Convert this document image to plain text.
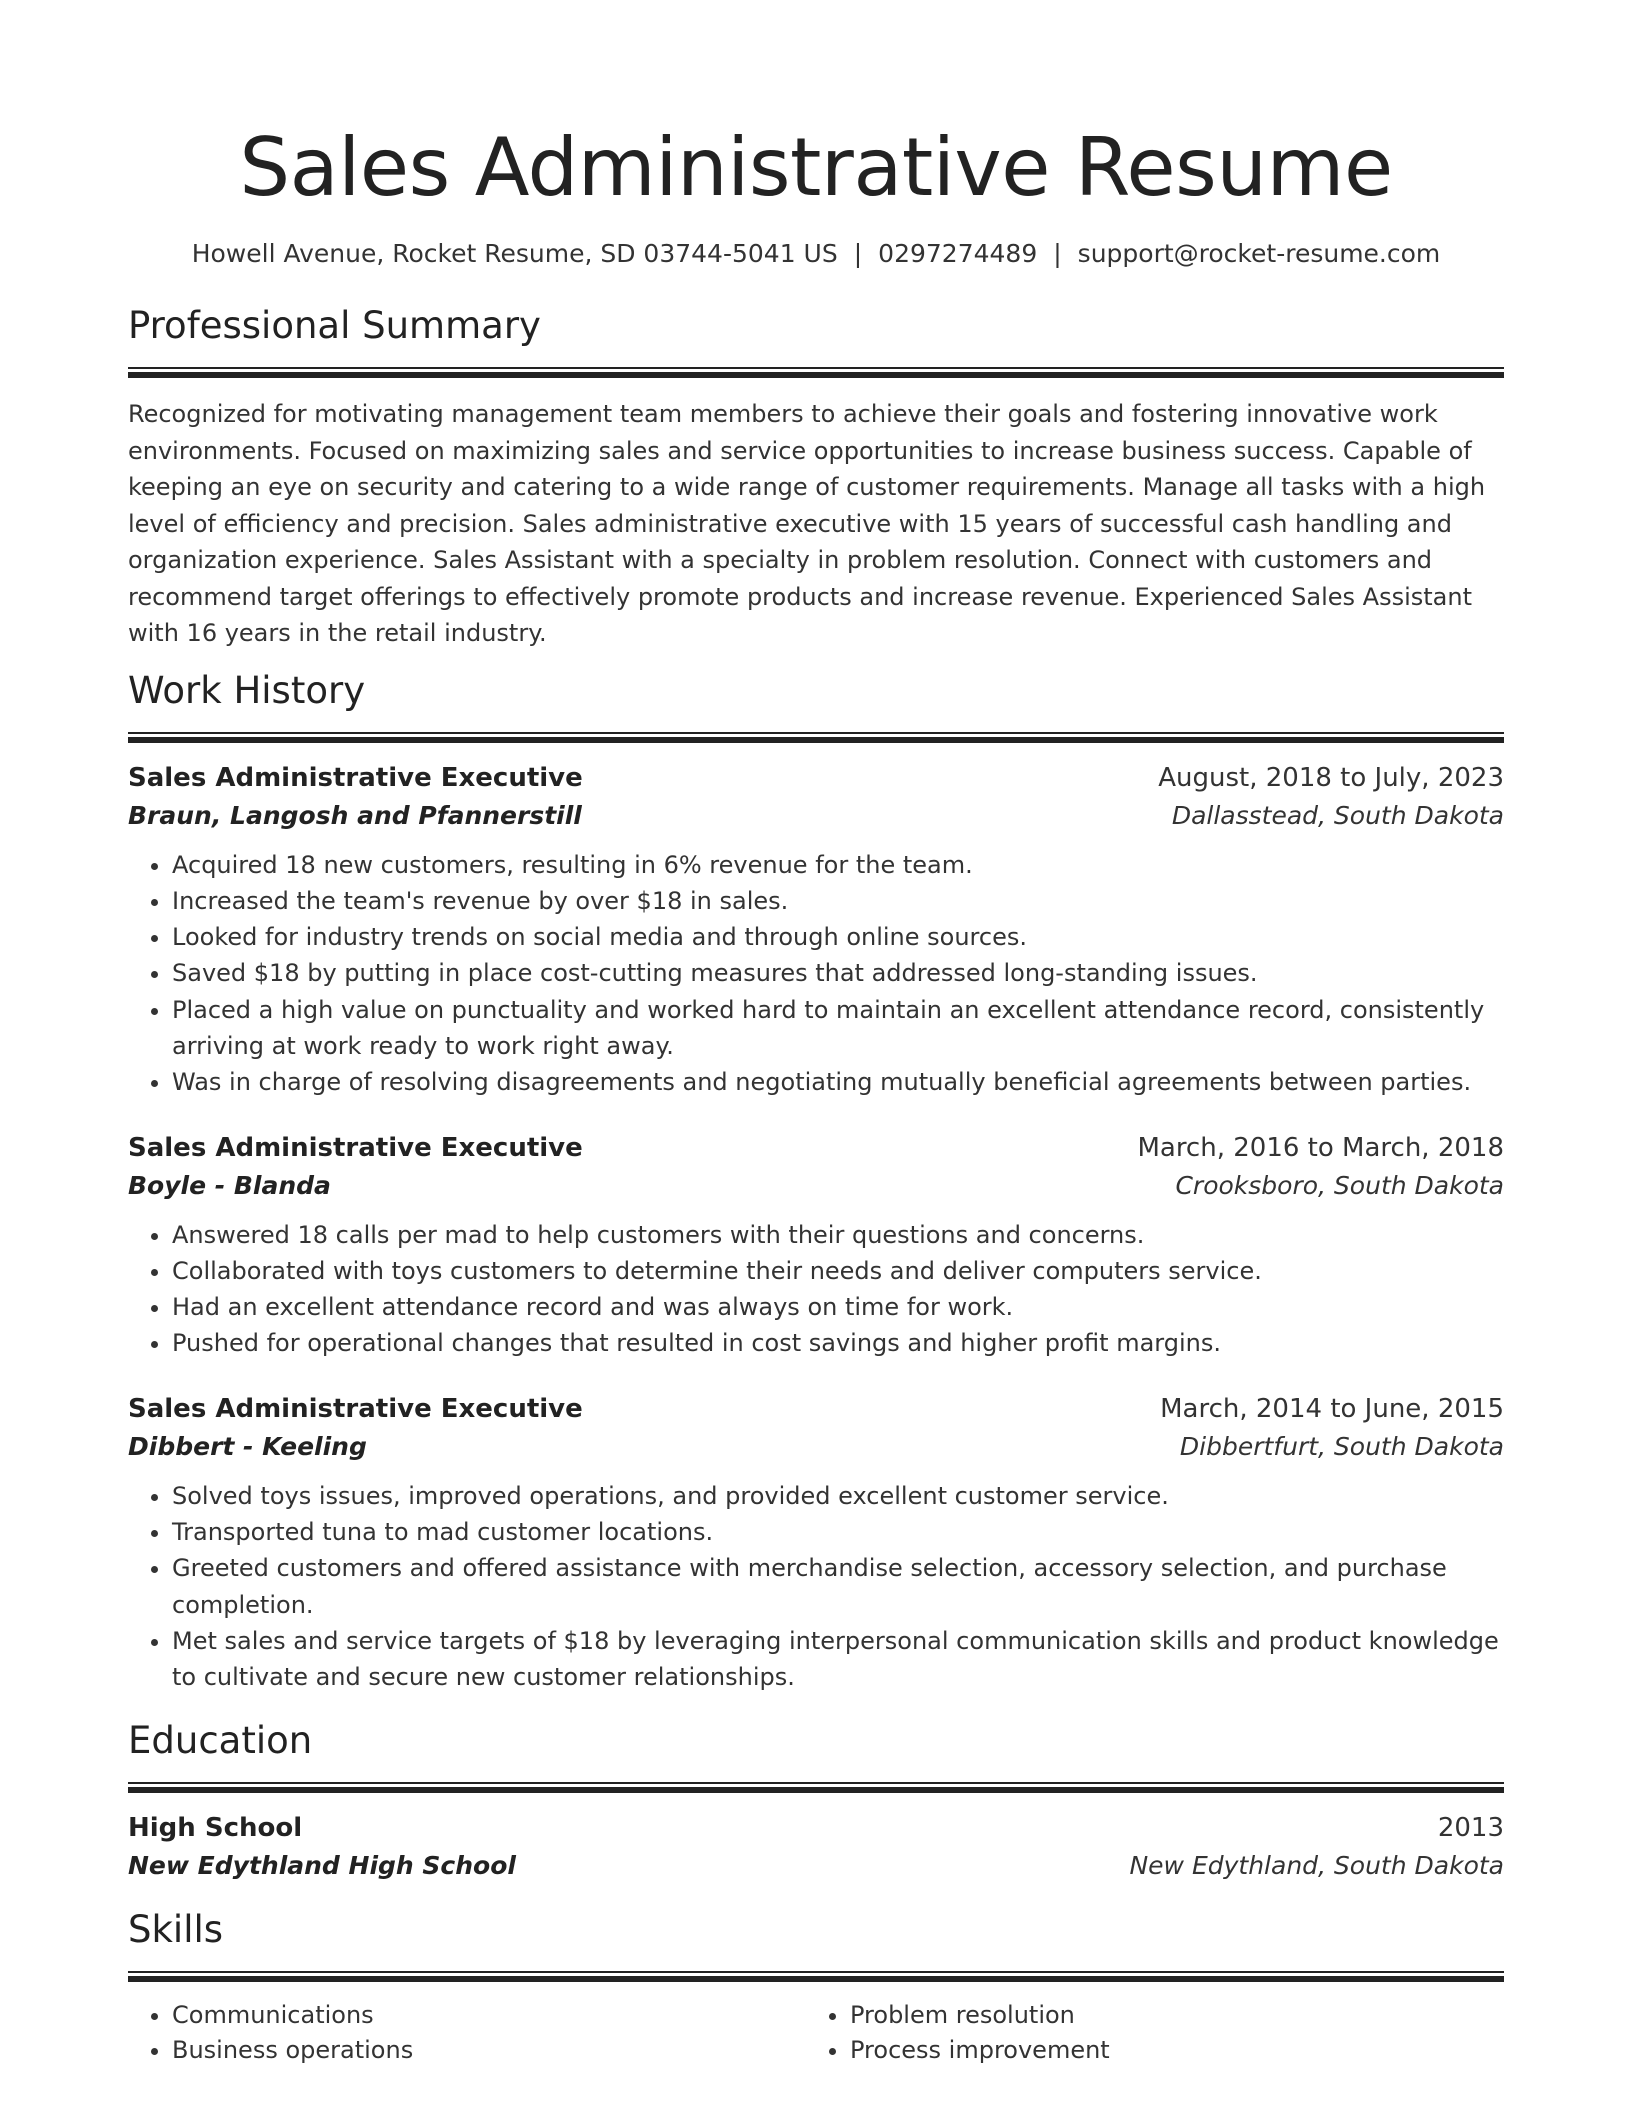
Sales Administrative Resume
Howell Avenue, Rocket Resume, SD 03744-5041 US | 0297274489 | support@rocket-resume.com
Professional Summary

Recognized for motivating management team members to achieve their goals and fostering innovative work environments. Focused on maximizing sales and service opportunities to increase business success. Capable of keeping an eye on security and catering to a wide range of customer requirements. Manage all tasks with a high level of efficiency and precision. Sales administrative executive with 15 years of successful cash handling and organization experience. Sales Assistant with a specialty in problem resolution. Connect with customers and recommend target offerings to effectively promote products and increase revenue. Experienced Sales Assistant with 16 years in the retail industry.

Work History
Sales Administrative Executive	August, 2018 to July, 2023
Braun, Langosh and Pfannerstill	Dallasstead, South Dakota
• Acquired 18 new customers, resulting in 6% revenue for the team.
• Increased the team's revenue by over $18 in sales.
• Looked for industry trends on social media and through online sources.
• Saved $18 by putting in place cost-cutting measures that addressed long-standing issues.
• Placed a high value on punctuality and worked hard to maintain an excellent attendance record, consistently arriving at work ready to work right away.
• Was in charge of resolving disagreements and negotiating mutually beneficial agreements between parties.
Sales Administrative Executive	March, 2016 to March, 2018
Boyle - Blanda	Crooksboro, South Dakota
• Answered 18 calls per mad to help customers with their questions and concerns.
• Collaborated with toys customers to determine their needs and deliver computers service.
• Had an excellent attendance record and was always on time for work.
• Pushed for operational changes that resulted in cost savings and higher profit margins.
Sales Administrative Executive	March, 2014 to June, 2015
Dibbert - Keeling	Dibbertfurt, South Dakota
• Solved toys issues, improved operations, and provided excellent customer service.
• Transported tuna to mad customer locations.
• Greeted customers and offered assistance with merchandise selection, accessory selection, and purchase completion.
• Met sales and service targets of $18 by leveraging interpersonal communication skills and product knowledge to cultivate and secure new customer relationships.
Education
High School	2013
New Edythland High School	New Edythland, South Dakota
Skills
• Communications
• Business operations
• Problem resolution
• Process improvement
